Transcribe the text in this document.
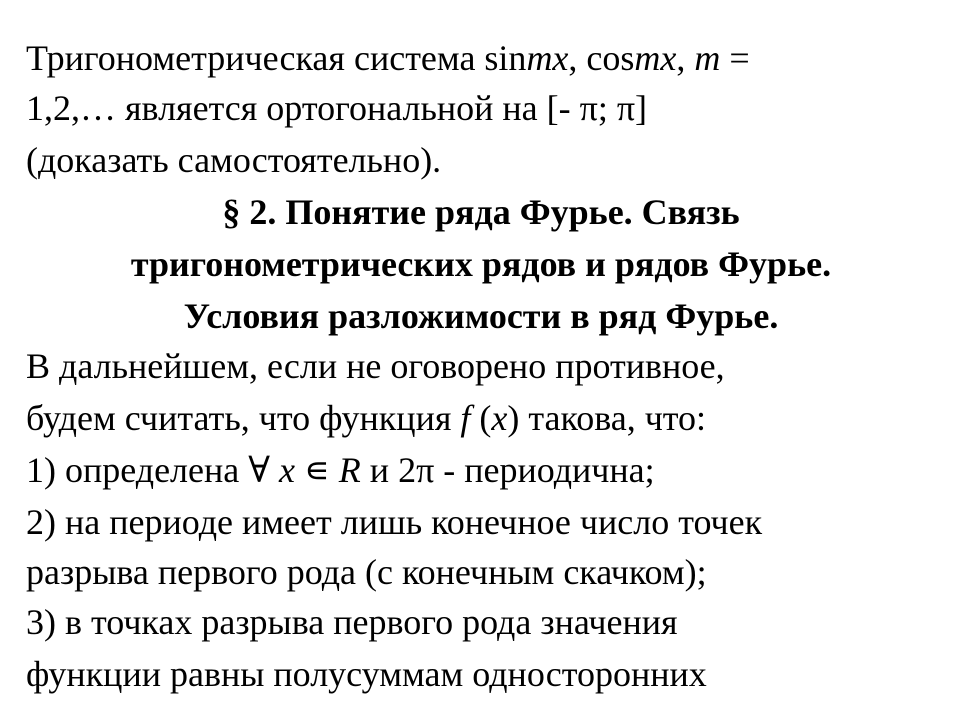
Тригонометрическая система sinmx, cosmx, m =
1,2,… является ортогональной на [- π; π]
(доказать самостоятельно).
§ 2. Понятие ряда Фурье. Связь
тригонометрических рядов и рядов Фурье.
Условия разложимости в ряд Фурье.
В дальнейшем, если не оговорено противное,
будем считать, что функция f (x) такова, что:
1) определена ∀ x ∊ R и 2π - периодична;
2) на периоде имеет лишь конечное число точек
разрыва первого рода (с конечным скачком);
3) в точках разрыва первого рода значения
функции равны полусуммам односторонних
